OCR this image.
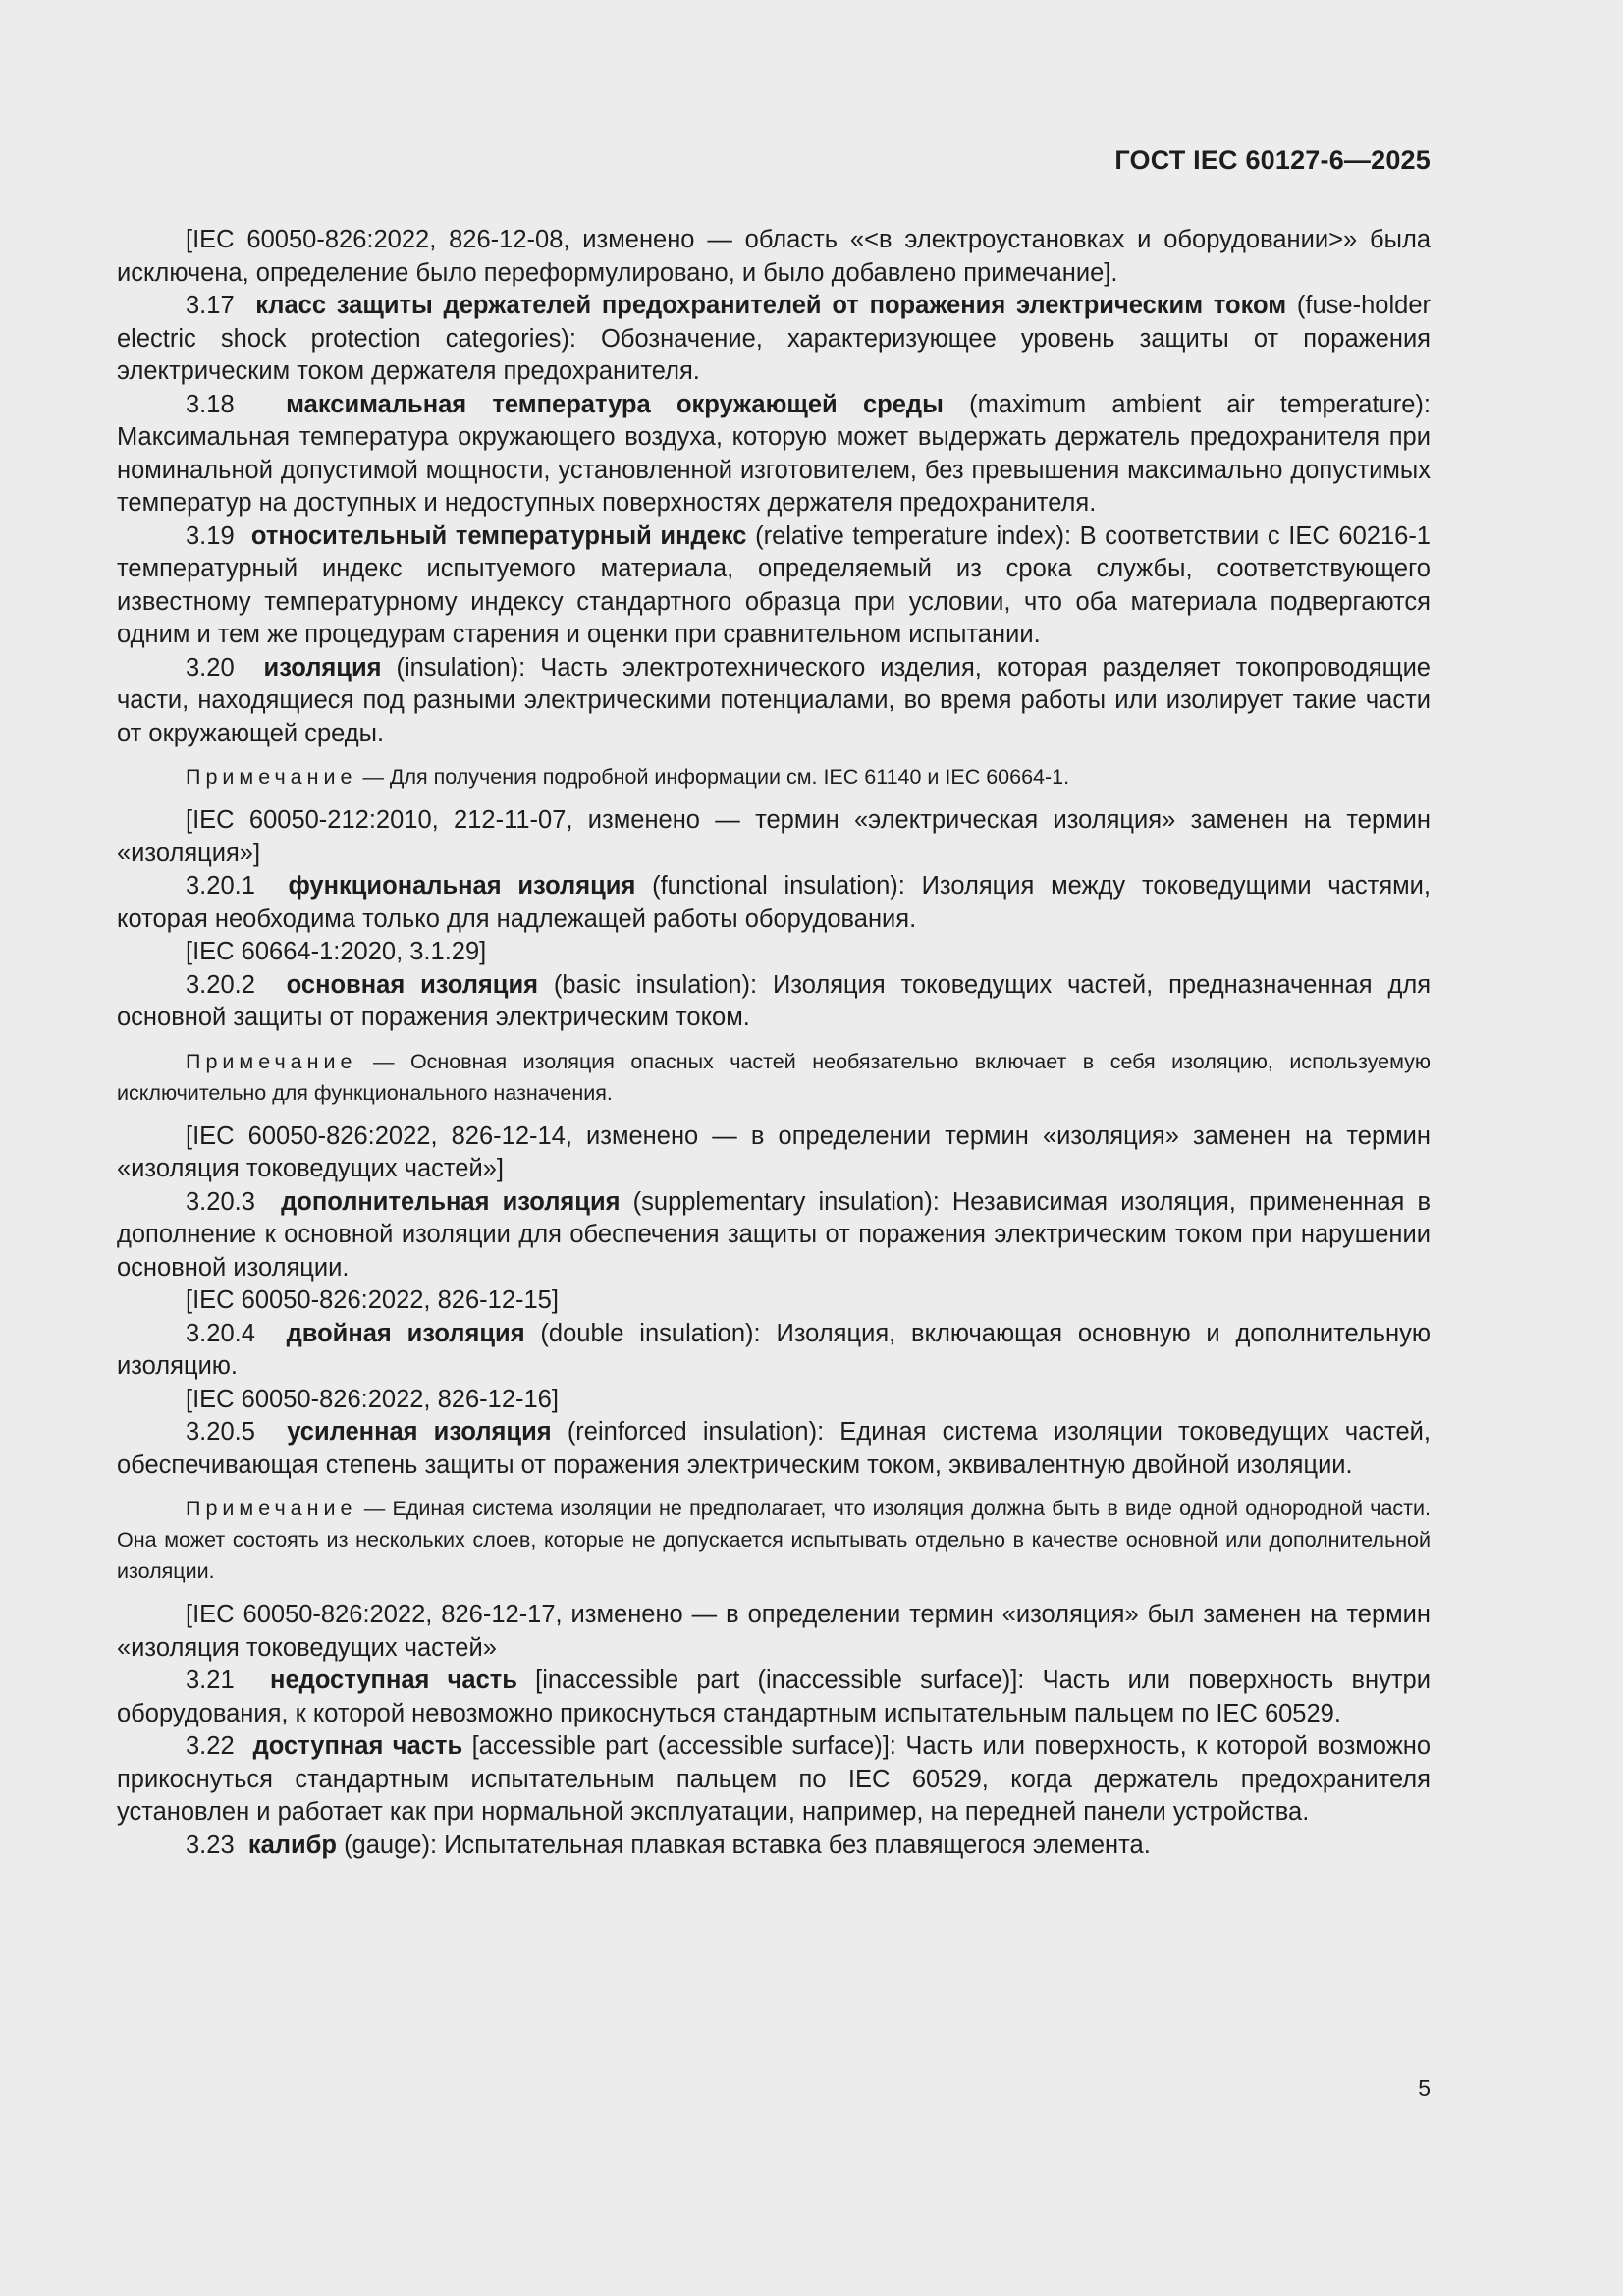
ГОСТ IEC 60127-6—2025

[IEC 60050-826:2022, 826-12-08, изменено — область «<в электроустановках и оборудовании>» была исключена, определение было переформулировано, и было добавлено примечание].

3.17 класс защиты держателей предохранителей от поражения электрическим током (fuse-holder electric shock protection categories): Обозначение, характеризующее уровень защиты от поражения электрическим током держателя предохранителя.

3.18 максимальная температура окружающей среды (maximum ambient air temperature): Максимальная температура окружающего воздуха, которую может выдержать держатель предохранителя при номинальной допустимой мощности, установленной изготовителем, без превышения максимально допустимых температур на доступных и недоступных поверхностях держателя предохранителя.

3.19 относительный температурный индекс (relative temperature index): В соответствии с IEC 60216-1 температурный индекс испытуемого материала, определяемый из срока службы, соответствующего известному температурному индексу стандартного образца при условии, что оба материала подвергаются одним и тем же процедурам старения и оценки при сравнительном испытании.

3.20 изоляция (insulation): Часть электротехнического изделия, которая разделяет токопроводящие части, находящиеся под разными электрическими потенциалами, во время работы или изолирует такие части от окружающей среды.

Примечание — Для получения подробной информации см. IEC 61140 и IEC 60664-1.

[IEC 60050-212:2010, 212-11-07, изменено — термин «электрическая изоляция» заменен на термин «изоляция»]

3.20.1 функциональная изоляция (functional insulation): Изоляция между токоведущими частями, которая необходима только для надлежащей работы оборудования.

[IEC 60664-1:2020, 3.1.29]

3.20.2 основная изоляция (basic insulation): Изоляция токоведущих частей, предназначенная для основной защиты от поражения электрическим током.

Примечание — Основная изоляция опасных частей необязательно включает в себя изоляцию, используемую исключительно для функционального назначения.

[IEC 60050-826:2022, 826-12-14, изменено — в определении термин «изоляция» заменен на термин «изоляция токоведущих частей»]

3.20.3 дополнительная изоляция (supplementary insulation): Независимая изоляция, примененная в дополнение к основной изоляции для обеспечения защиты от поражения электрическим током при нарушении основной изоляции.

[IEC 60050-826:2022, 826-12-15]

3.20.4 двойная изоляция (double insulation): Изоляция, включающая основную и дополнительную изоляцию.

[IEC 60050-826:2022, 826-12-16]

3.20.5 усиленная изоляция (reinforced insulation): Единая система изоляции токоведущих частей, обеспечивающая степень защиты от поражения электрическим током, эквивалентную двойной изоляции.

Примечание — Единая система изоляции не предполагает, что изоляция должна быть в виде одной однородной части. Она может состоять из нескольких слоев, которые не допускается испытывать отдельно в качестве основной или дополнительной изоляции.

[IEC 60050-826:2022, 826-12-17, изменено — в определении термин «изоляция» был заменен на термин «изоляция токоведущих частей»

3.21 недоступная часть [inaccessible part (inaccessible surface)]: Часть или поверхность внутри оборудования, к которой невозможно прикоснуться стандартным испытательным пальцем по IEC 60529.

3.22 доступная часть [accessible part (accessible surface)]: Часть или поверхность, к которой возможно прикоснуться стандартным испытательным пальцем по IEC 60529, когда держатель предохранителя установлен и работает как при нормальной эксплуатации, например, на передней панели устройства.

3.23 калибр (gauge): Испытательная плавкая вставка без плавящегося элемента.

5
